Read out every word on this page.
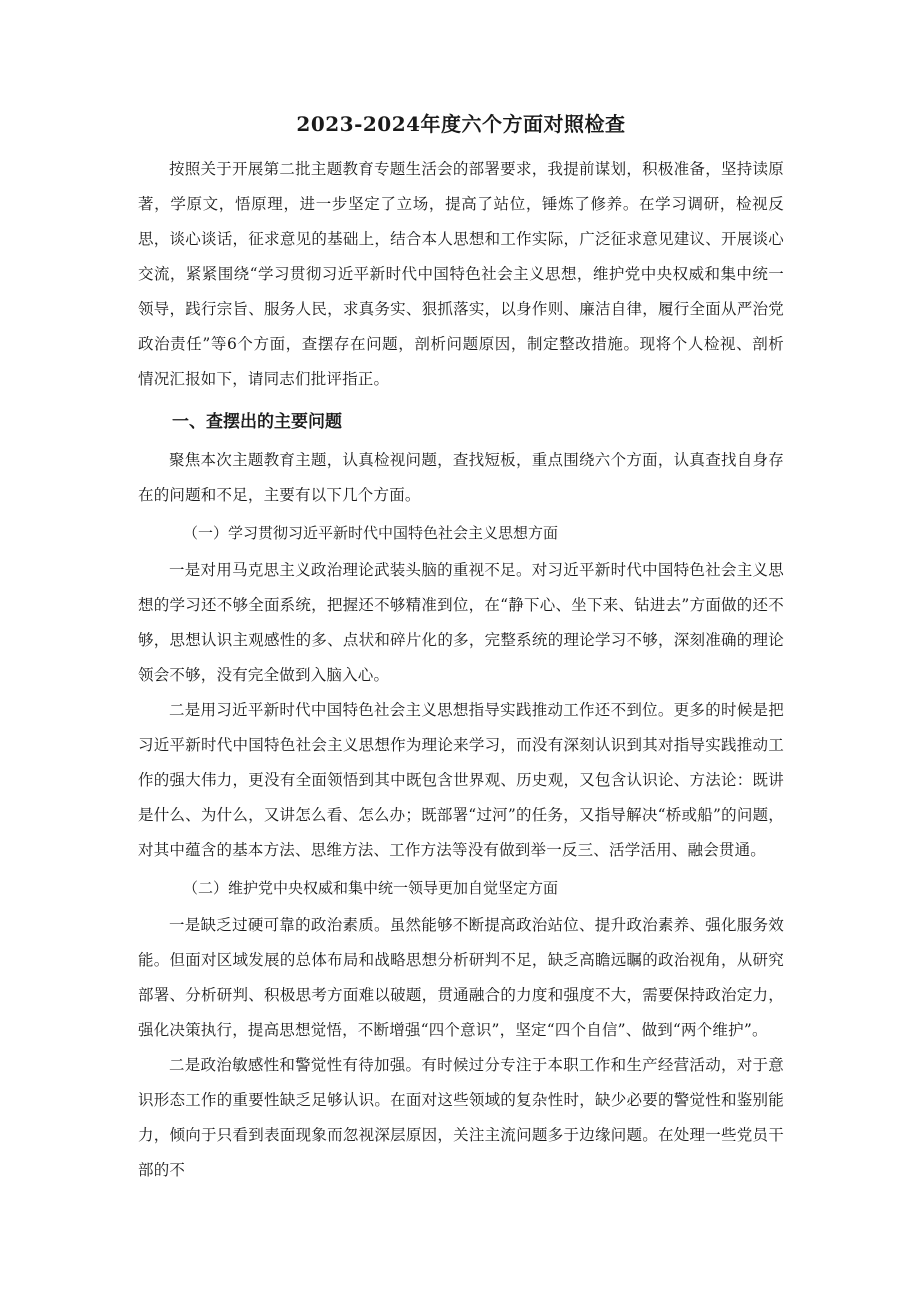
2023-2024年度六个方面对照检查

按照关于开展第二批主题教育专题生活会的部署要求，我提前谋划，积极准备，坚持读原著，学原文，悟原理，进一步坚定了立场，提高了站位，锤炼了修养。在学习调研，检视反思，谈心谈话，征求意见的基础上，结合本人思想和工作实际，广泛征求意见建议、开展谈心交流，紧紧围绕“学习贯彻习近平新时代中国特色社会主义思想，维护党中央权威和集中统一领导，践行宗旨、服务人民，求真务实、狠抓落实，以身作则、廉洁自律，履行全面从严治党政治责任”等6个方面，查摆存在问题，剖析问题原因，制定整改措施。现将个人检视、剖析情况汇报如下，请同志们批评指正。

一、查摆出的主要问题

聚焦本次主题教育主题，认真检视问题，查找短板，重点围绕六个方面，认真查找自身存在的问题和不足，主要有以下几个方面。

（一）学习贯彻习近平新时代中国特色社会主义思想方面

一是对用马克思主义政治理论武装头脑的重视不足。对习近平新时代中国特色社会主义思想的学习还不够全面系统，把握还不够精准到位，在“静下心、坐下来、钻进去”方面做的还不够，思想认识主观感性的多、点状和碎片化的多，完整系统的理论学习不够，深刻准确的理论领会不够，没有完全做到入脑入心。

二是用习近平新时代中国特色社会主义思想指导实践推动工作还不到位。更多的时候是把习近平新时代中国特色社会主义思想作为理论来学习，而没有深刻认识到其对指导实践推动工作的强大伟力，更没有全面领悟到其中既包含世界观、历史观，又包含认识论、方法论：既讲是什么、为什么，又讲怎么看、怎么办；既部署“过河”的任务，又指导解决“桥或船”的问题，对其中蕴含的基本方法、思维方法、工作方法等没有做到举一反三、活学活用、融会贯通。

（二）维护党中央权威和集中统一领导更加自觉坚定方面

一是缺乏过硬可靠的政治素质。虽然能够不断提高政治站位、提升政治素养、强化服务效能。但面对区域发展的总体布局和战略思想分析研判不足，缺乏高瞻远瞩的政治视角，从研究部署、分析研判、积极思考方面难以破题，贯通融合的力度和强度不大，需要保持政治定力，强化决策执行，提高思想觉悟，不断增强“四个意识”，坚定“四个自信”、做到“两个维护”。

二是政治敏感性和警觉性有待加强。有时候过分专注于本职工作和生产经营活动，对于意识形态工作的重要性缺乏足够认识。在面对这些领域的复杂性时，缺少必要的警觉性和鉴别能力，倾向于只看到表面现象而忽视深层原因，关注主流问题多于边缘问题。在处理一些党员干部的不
